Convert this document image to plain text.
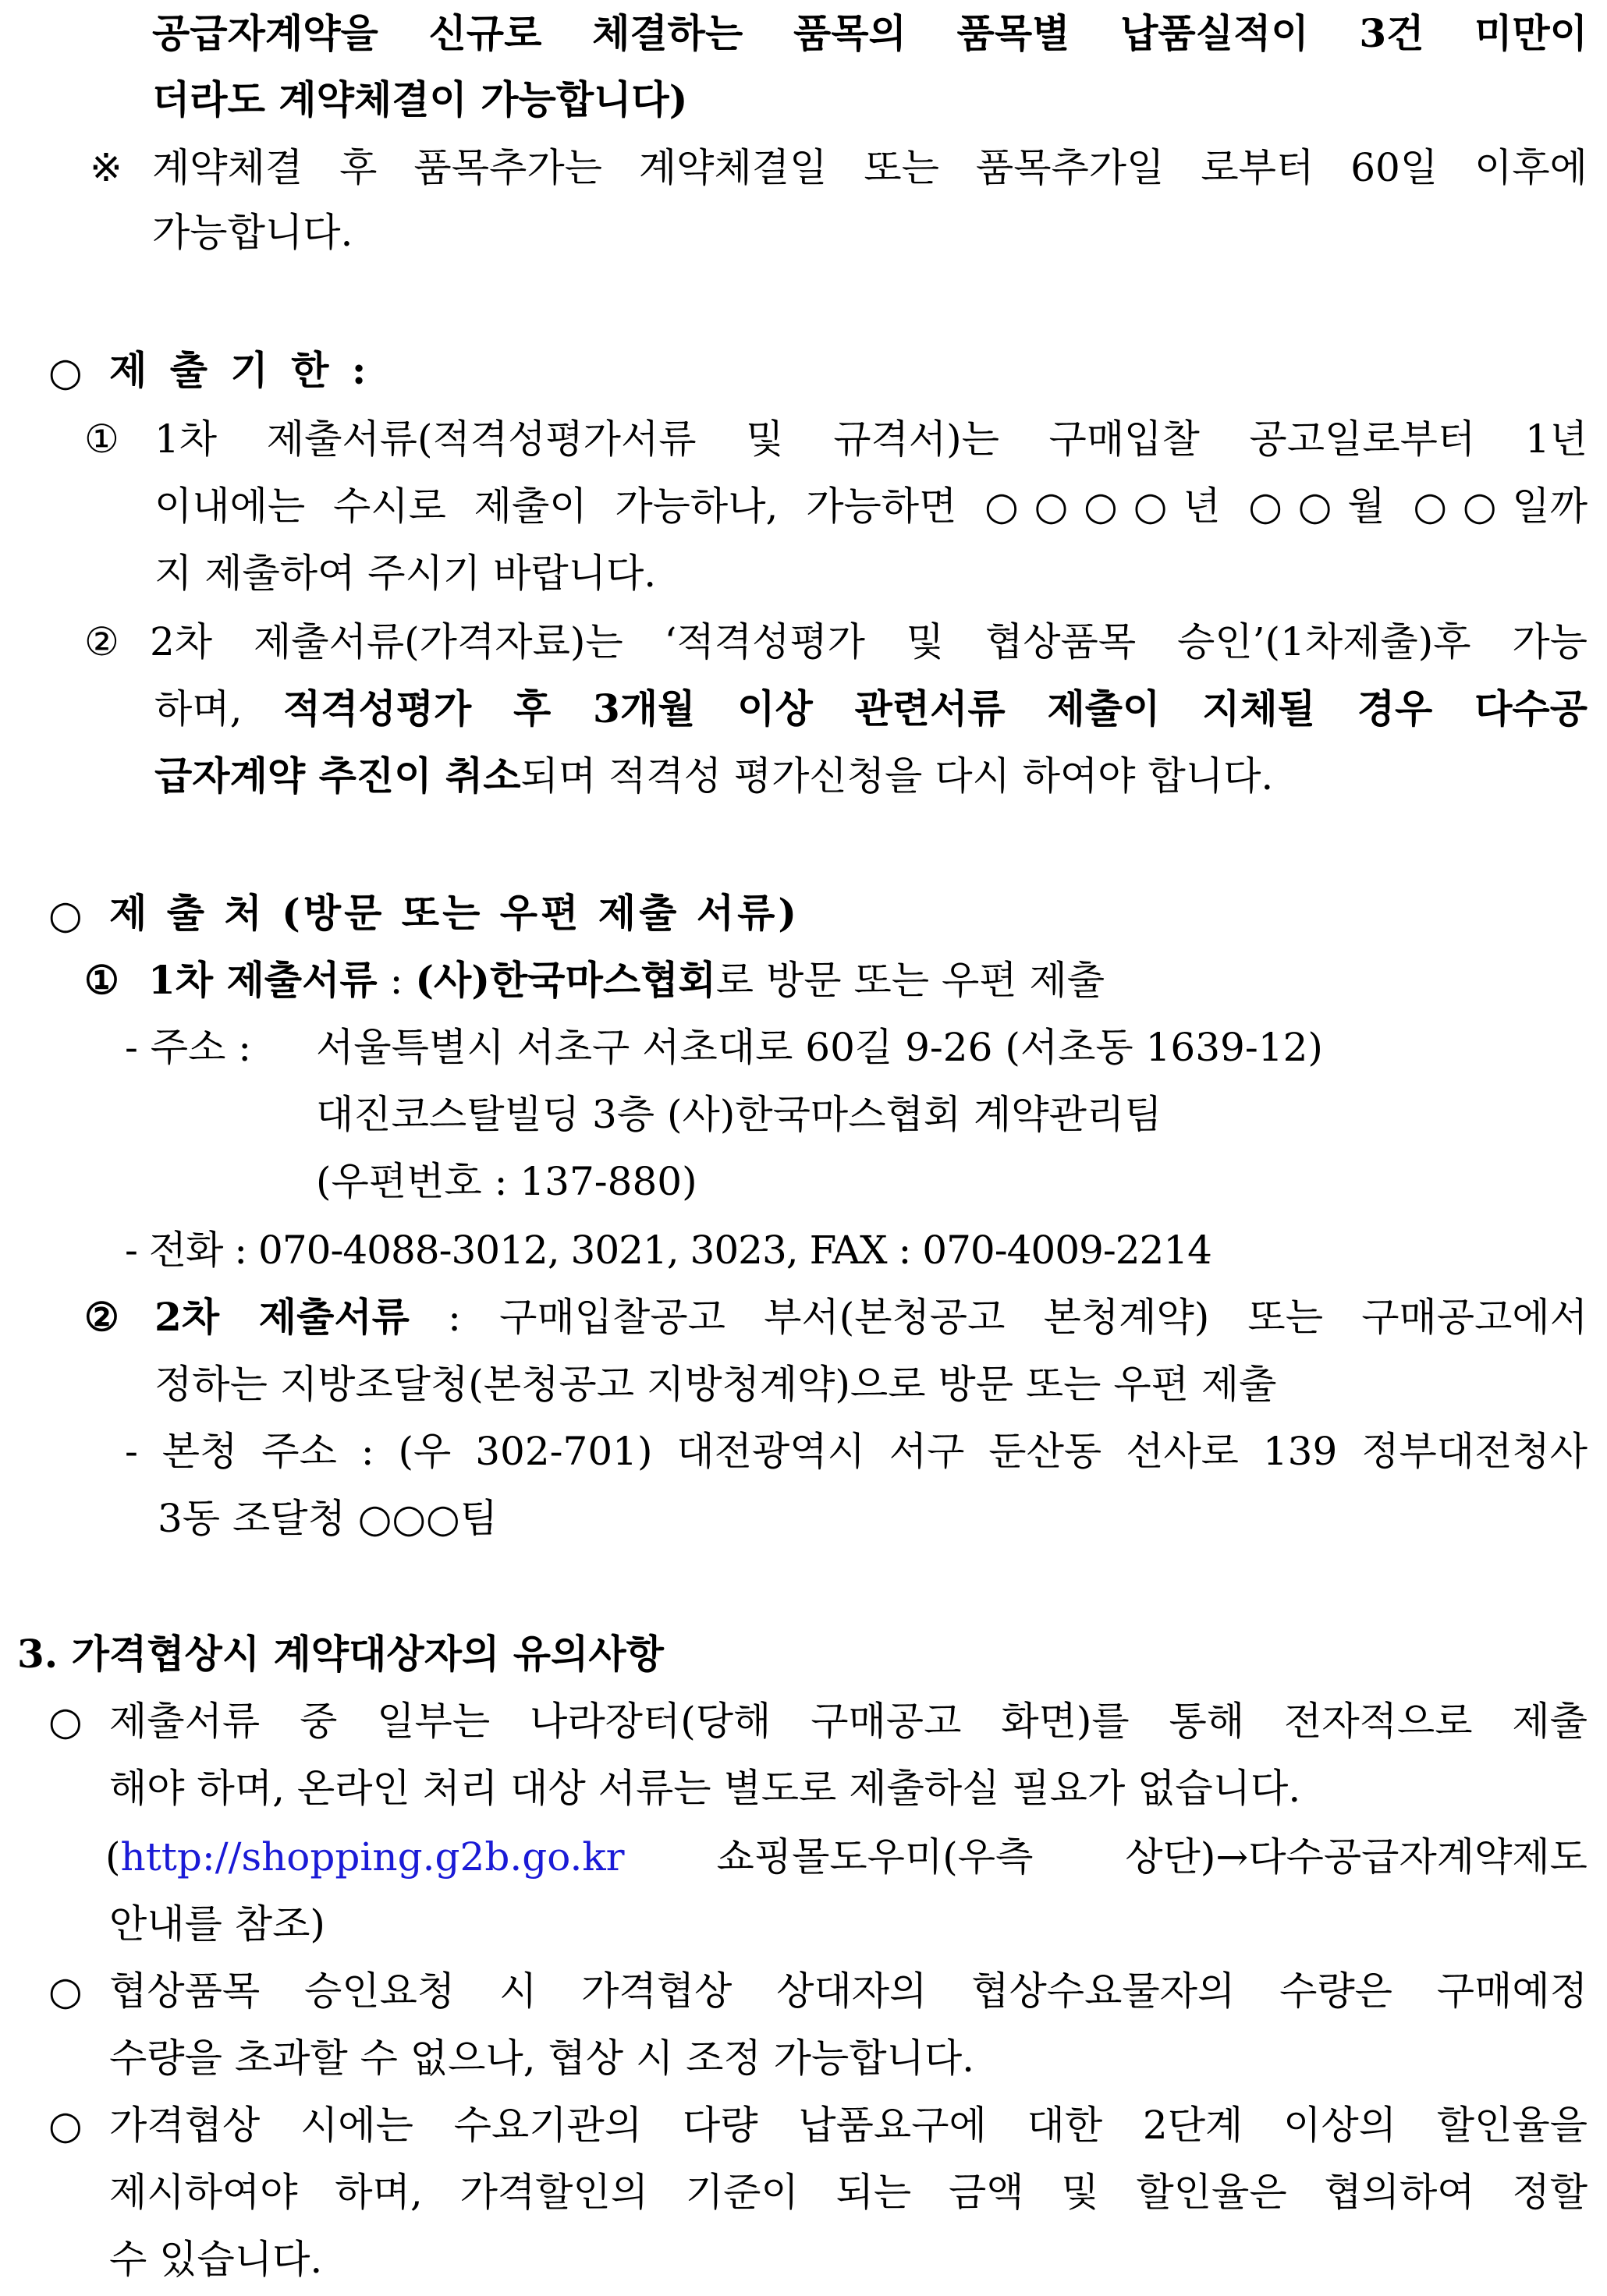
공급자계약을 신규로 체결하는 품목의 품목별 납품실적이 3건 미만이
더라도 계약체결이 가능합니다)
※ 계약체결 후 품목추가는 계약체결일 또는 품목추가일 로부터 60일 이후에
가능합니다.
○ 제 출 기 한 :
① 1차 제출서류(적격성평가서류 및 규격서)는 구매입찰 공고일로부터 1년
이내에는 수시로 제출이 가능하나, 가능하면 ○○○○년 ○○월 ○○일까
지 제출하여 주시기 바랍니다.
② 2차 제출서류(가격자료)는 ‘적격성평가 및 협상품목 승인’(1차제출)후 가능
하며, 적격성평가 후 3개월 이상 관련서류 제출이 지체될 경우 다수공
급자계약 추진이 취소되며 적격성 평가신청을 다시 하여야 합니다.
○ 제 출 처 (방문 또는 우편 제출 서류)
① 1차 제출서류 : (사)한국마스협회로 방문 또는 우편 제출
- 주소 : 서울특별시 서초구 서초대로 60길 9-26 (서초동 1639-12)
대진코스탈빌딩 3층 (사)한국마스협회 계약관리팀
(우편번호 : 137-880)
- 전화 : 070-4088-3012, 3021, 3023, FAX : 070-4009-2214
② 2차 제출서류 : 구매입찰공고 부서(본청공고 본청계약) 또는 구매공고에서
정하는 지방조달청(본청공고 지방청계약)으로 방문 또는 우편 제출
- 본청 주소 : (우 302-701) 대전광역시 서구 둔산동 선사로 139 정부대전청사
3동 조달청 ○○○팀
3. 가격협상시 계약대상자의 유의사항
○ 제출서류 중 일부는 나라장터(당해 구매공고 화면)를 통해 전자적으로 제출
해야 하며, 온라인 처리 대상 서류는 별도로 제출하실 필요가 없습니다.
(http://shopping.g2b.go.kr 쇼핑몰도우미(우측 상단)→다수공급자계약제도
안내를 참조)
○ 협상품목 승인요청 시 가격협상 상대자의 협상수요물자의 수량은 구매예정
수량을 초과할 수 없으나, 협상 시 조정 가능합니다.
○ 가격협상 시에는 수요기관의 다량 납품요구에 대한 2단계 이상의 할인율을
제시하여야 하며, 가격할인의 기준이 되는 금액 및 할인율은 협의하여 정할
수 있습니다.
